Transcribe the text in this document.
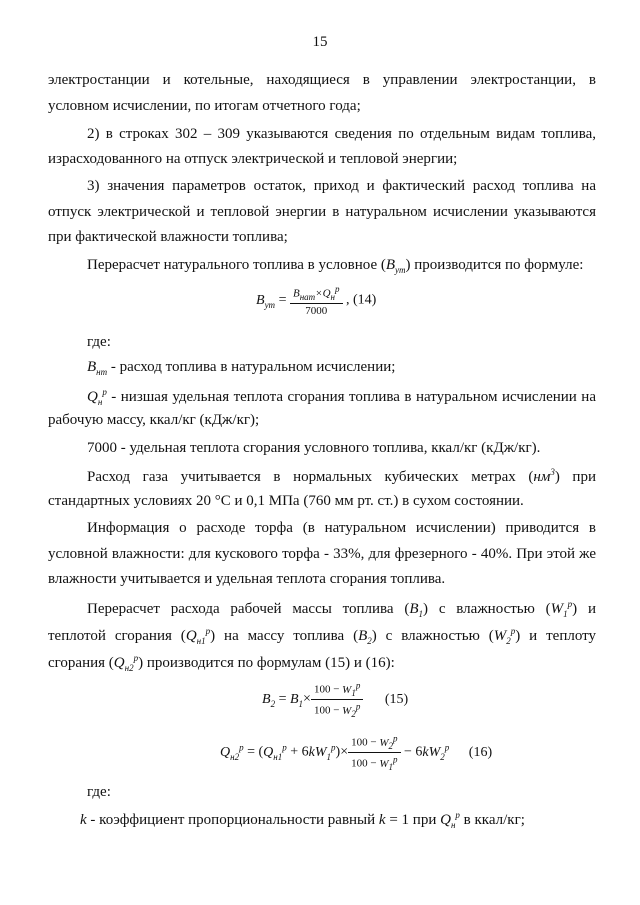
15
электростанции и котельные, находящиеся в управлении электростанции, в
условном исчислении, по итогам отчетного года;
2) в строках 302 – 309 указываются сведения по отдельным видам топлива,
израсходованного на отпуск электрической и тепловой энергии;
3) значения параметров остаток, приход и фактический расход топлива на
отпуск электрической и тепловой энергии в натуральном исчислении указываются
при фактической влажности топлива;
Перерасчет натурального топлива в условное $(B_{ут})$ производится по формуле:
$B_{ут} = \frac{B_{нат}\times Q_н^р}{7000}$ , (14)
где:
$B_{нт}$ - расход топлива в натуральном исчислении;
$Q_н^р$ - низшая удельная теплота сгорания топлива в натуральном исчислении на
рабочую массу, ккал/кг (кДж/кг);
7000 - удельная теплота сгорания условного топлива, ккал/кг (кДж/кг).
Расход газа учитывается в нормальных кубических метрах $(нм^3)$ при
стандартных условиях 20 °C и 0,1 МПа (760 мм рт. ст.) в сухом состоянии.
Информация о расходе торфа (в натуральном исчислении) приводится в
условной влажности: для кускового торфа - 33%, для фрезерного - 40%. При этой же
влажности учитывается и удельная теплота сгорания топлива.
Перерасчет расхода рабочей массы топлива $(B_1)$ с влажностью $(W_1^р)$ и
теплотой сгорания $(Q_{н1}^р)$ на массу топлива $(B_2)$ с влажностью $(W_2^р)$ и теплоту
сгорания $(Q_{н2}^р)$ производится по формулам (15) и (16):
$B_2 = B_1\times \frac{100 - W_1^р}{100 - W_2^р} (15)$
$Q_{н2}^р = (Q_{н1}^р + 6kW_1^р)\times \frac{100 - W_2^р}{100 - W_1^р} - 6kW_2^р$ (16)
где:
k - коэффициент пропорциональности равный k = 1 при $Q_н^р$ в ккал/кг;
